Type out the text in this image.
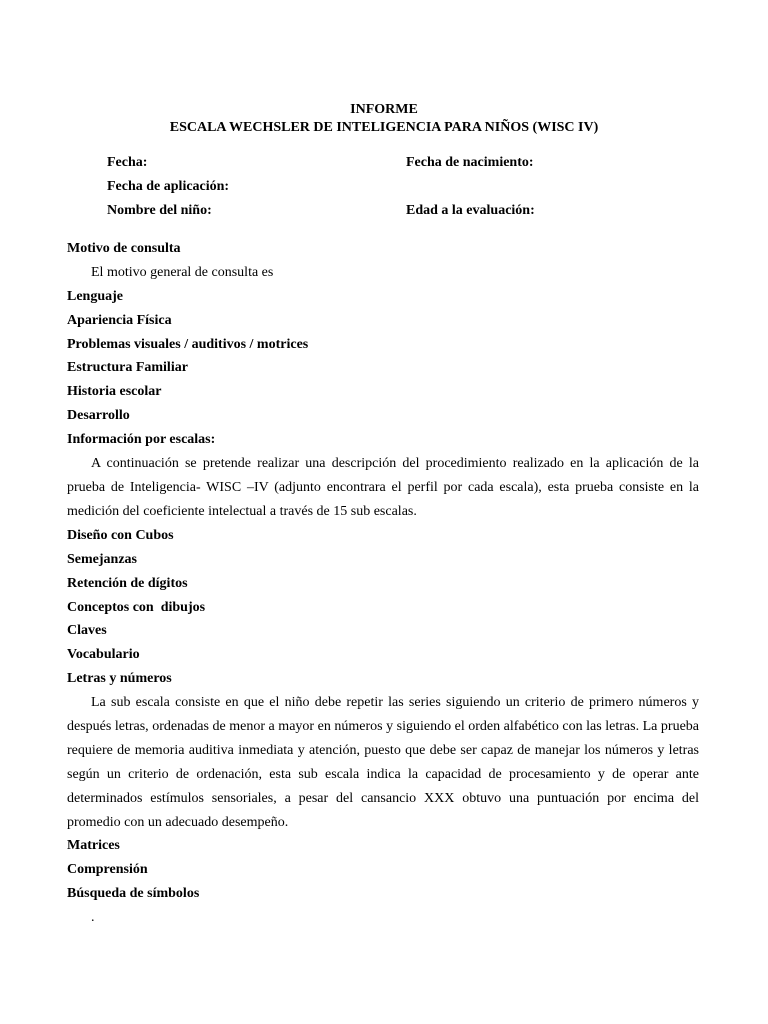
INFORME
ESCALA WECHSLER DE INTELIGENCIA PARA NIÑOS (WISC IV)
Fecha:	Fecha de nacimiento:
Fecha de aplicación:
Nombre del niño:	Edad a la evaluación:
Motivo de consulta
El motivo general de consulta es
Lenguaje
Apariencia Física
Problemas visuales / auditivos / motrices
Estructura Familiar
Historia escolar
Desarrollo
Información por escalas:
A continuación se pretende realizar una descripción del procedimiento realizado en la aplicación de la prueba de Inteligencia- WISC –IV (adjunto encontrara el perfil por cada escala), esta prueba consiste en la medición del coeficiente intelectual a través de 15 sub escalas.
Diseño con Cubos
Semejanzas
Retención de dígitos
Conceptos con  dibujos
Claves
Vocabulario
Letras y números
La sub escala consiste en que el niño debe repetir las series siguiendo un criterio de primero números y después letras, ordenadas de menor a mayor en números y siguiendo el orden alfabético con las letras. La prueba requiere de memoria auditiva inmediata y atención, puesto que debe ser capaz de manejar los números y letras según un criterio de ordenación, esta sub escala indica la capacidad de procesamiento y de operar ante determinados estímulos sensoriales, a pesar del cansancio XXX obtuvo una puntuación por encima del promedio con un adecuado desempeño.
Matrices
Comprensión
Búsqueda de símbolos
.
